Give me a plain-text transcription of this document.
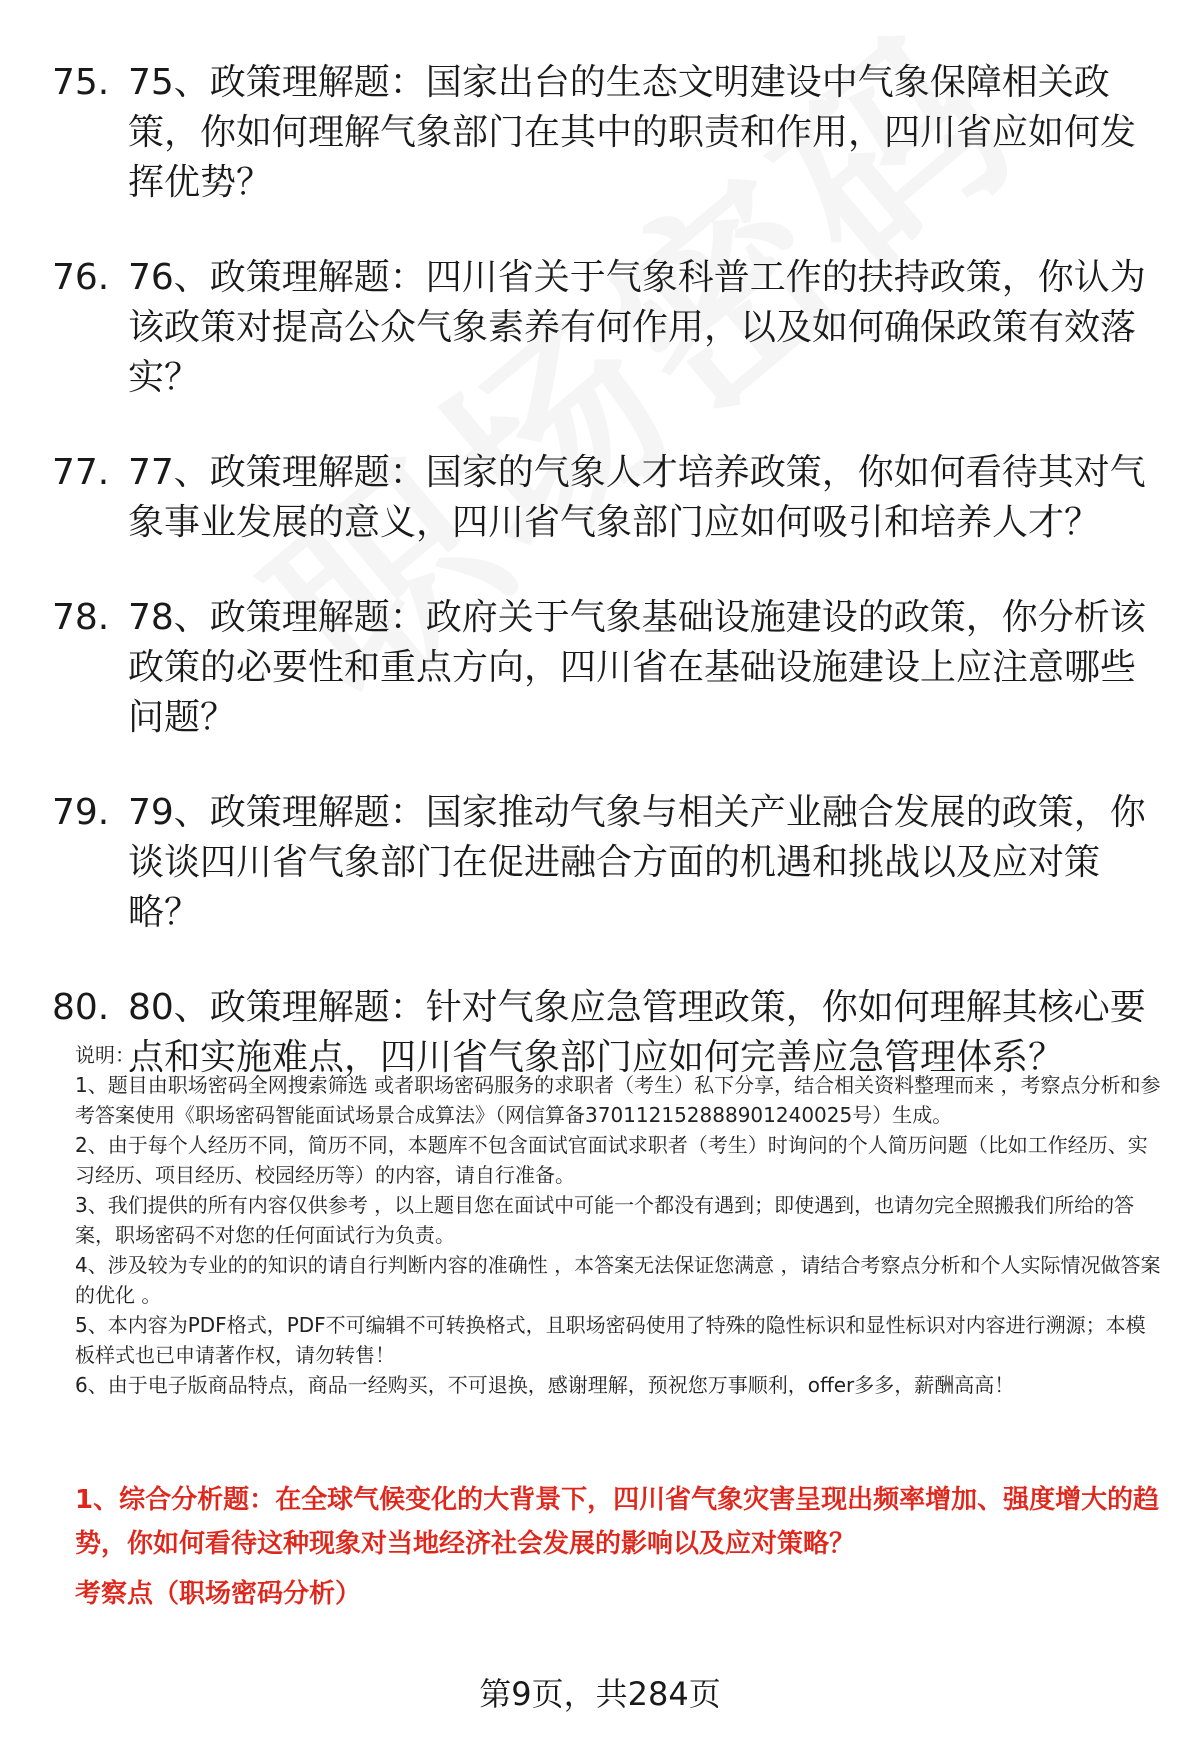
75. 75、政策理解题：国家出台的生态文明建设中气象保障相关政策，你如何理解气象部门在其中的职责和作用，四川省应如何发挥优势？
76. 76、政策理解题：四川省关于气象科普工作的扶持政策，你认为该政策对提高公众气象素养有何作用，以及如何确保政策有效落实？
77. 77、政策理解题：国家的气象人才培养政策，你如何看待其对气象事业发展的意义，四川省气象部门应如何吸引和培养人才？
78. 78、政策理解题：政府关于气象基础设施建设的政策，你分析该政策的必要性和重点方向，四川省在基础设施建设上应注意哪些问题？
79. 79、政策理解题：国家推动气象与相关产业融合发展的政策，你谈谈四川省气象部门在促进融合方面的机遇和挑战以及应对策略？
80. 80、政策理解题：针对气象应急管理政策，你如何理解其核心要点和实施难点，四川省气象部门应如何完善应急管理体系？

说明：

1、题目由职场密码全网搜索筛选 或者职场密码服务的求职者（考生）私下分享，结合相关资料整理而来 ，考察点分析和参考答案使用《职场密码智能面试场景合成算法》（网信算备370112152888901240025号）生成。

2、由于每个人经历不同，简历不同，本题库不包含面试官面试求职者（考生）时询问的个人简历问题（比如工作经历、实习经历、项目经历、校园经历等）的内容，请自行准备。

3、我们提供的所有内容仅供参考 ，以上题目您在面试中可能一个都没有遇到；即使遇到，也请勿完全照搬我们所给的答案，职场密码不对您的任何面试行为负责。

4、涉及较为专业的的知识的请自行判断内容的准确性 ，本答案无法保证您满意 ，请结合考察点分析和个人实际情况做答案的优化 。

5、本内容为PDF格式，PDF不可编辑不可转换格式，且职场密码使用了特殊的隐性标识和显性标识对内容进行溯源；本模板样式也已申请著作权，请勿转售！

6、由于电子版商品特点，商品一经购买，不可退换，感谢理解，预祝您万事顺利，offer多多，薪酬高高！

1、综合分析题：在全球气候变化的大背景下，四川省气象灾害呈现出频率增加、强度增大的趋势，你如何看待这种现象对当地经济社会发展的影响以及应对策略？
考察点（职场密码分析）
第9页，共284页
